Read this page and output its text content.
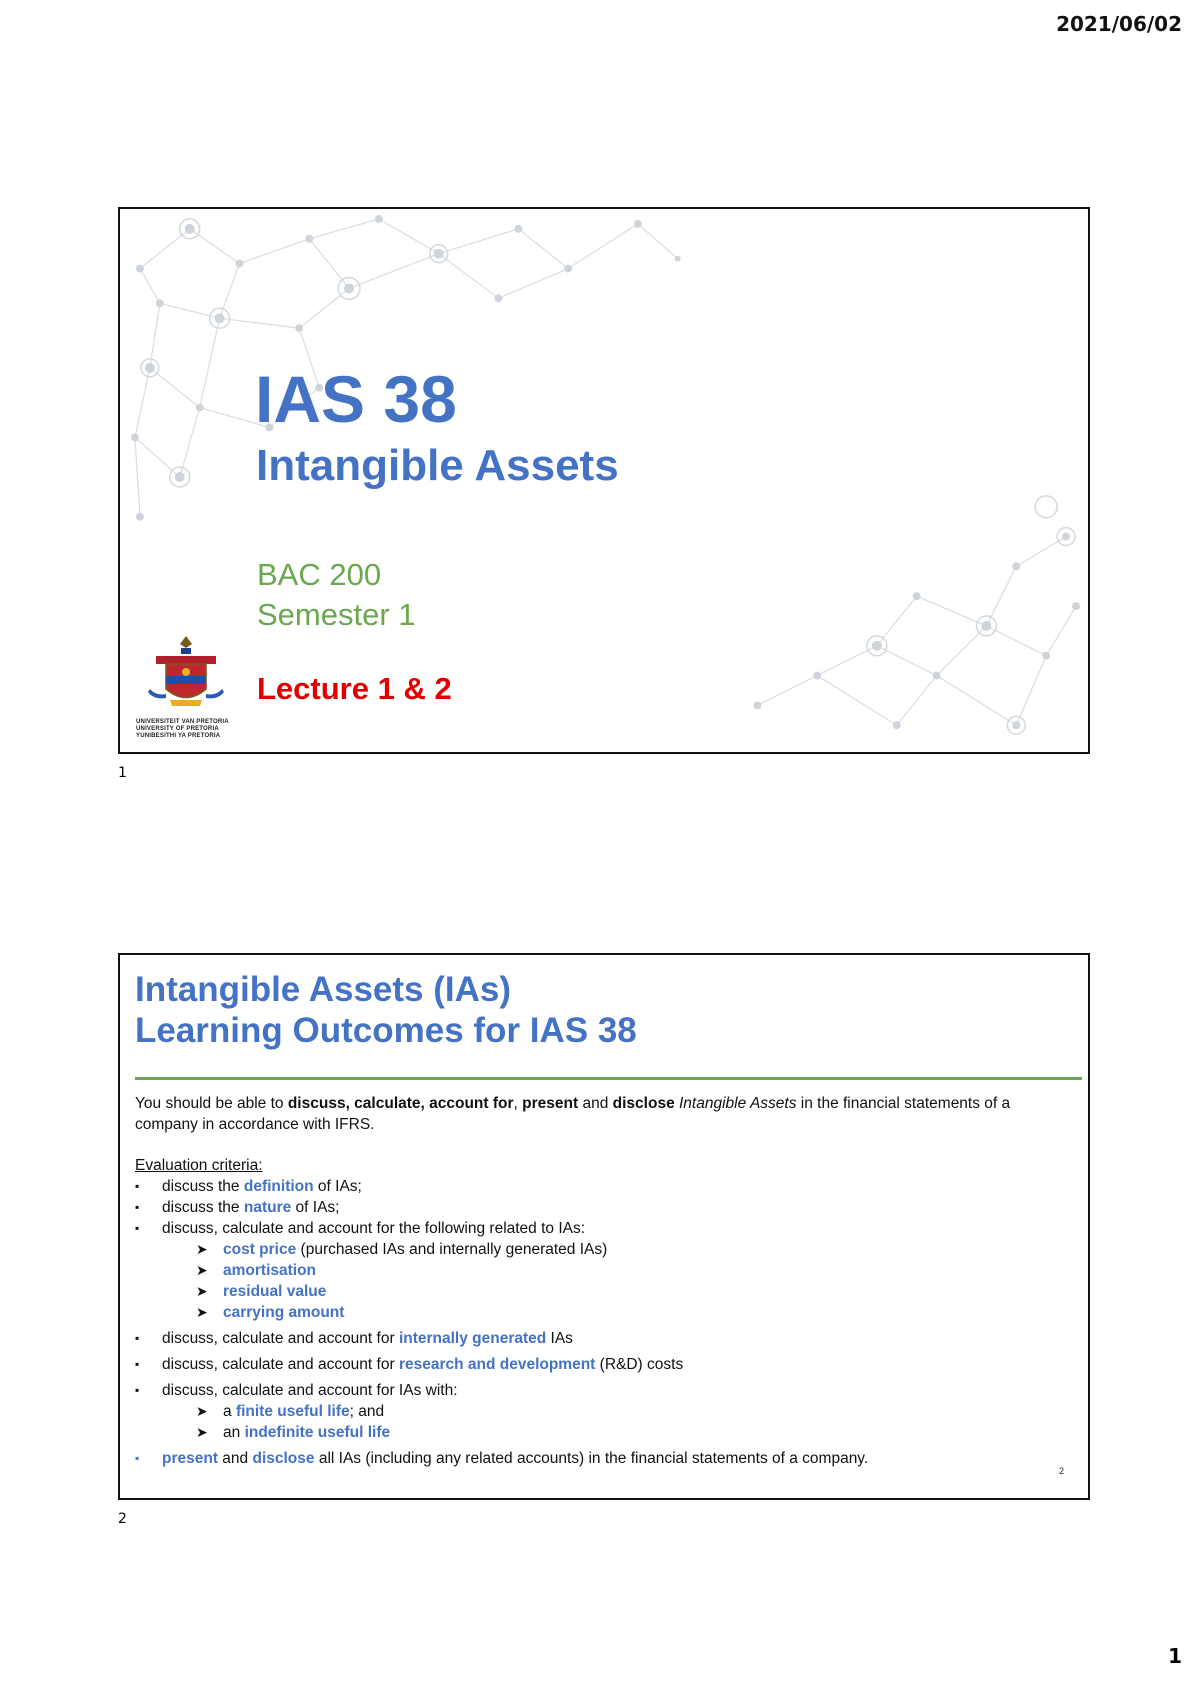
2021/06/02
IAS 38
Intangible Assets
BAC 200
Semester 1
Lecture 1 & 2
UNIVERSITEIT VAN PRETORIA
UNIVERSITY OF PRETORIA
YUNIBESITHI YA PRETORIA
1
Intangible Assets (IAs)
Learning Outcomes for IAS 38
You should be able to discuss, calculate, account for, present and disclose Intangible Assets in the financial statements of a company in accordance with IFRS.
Evaluation criteria:
▪ discuss the definition of IAs;
▪ discuss the nature of IAs;
▪ discuss, calculate and account for the following related to IAs:
➤ cost price (purchased IAs and internally generated IAs)
➤ amortisation
➤ residual value
➤ carrying amount
▪ discuss, calculate and account for internally generated IAs
▪ discuss, calculate and account for research and development (R&D) costs
▪ discuss, calculate and account for IAs with:
➤ a finite useful life; and
➤ an indefinite useful life
▪ present and disclose all IAs (including any related accounts) in the financial statements of a company.
2
2
1
